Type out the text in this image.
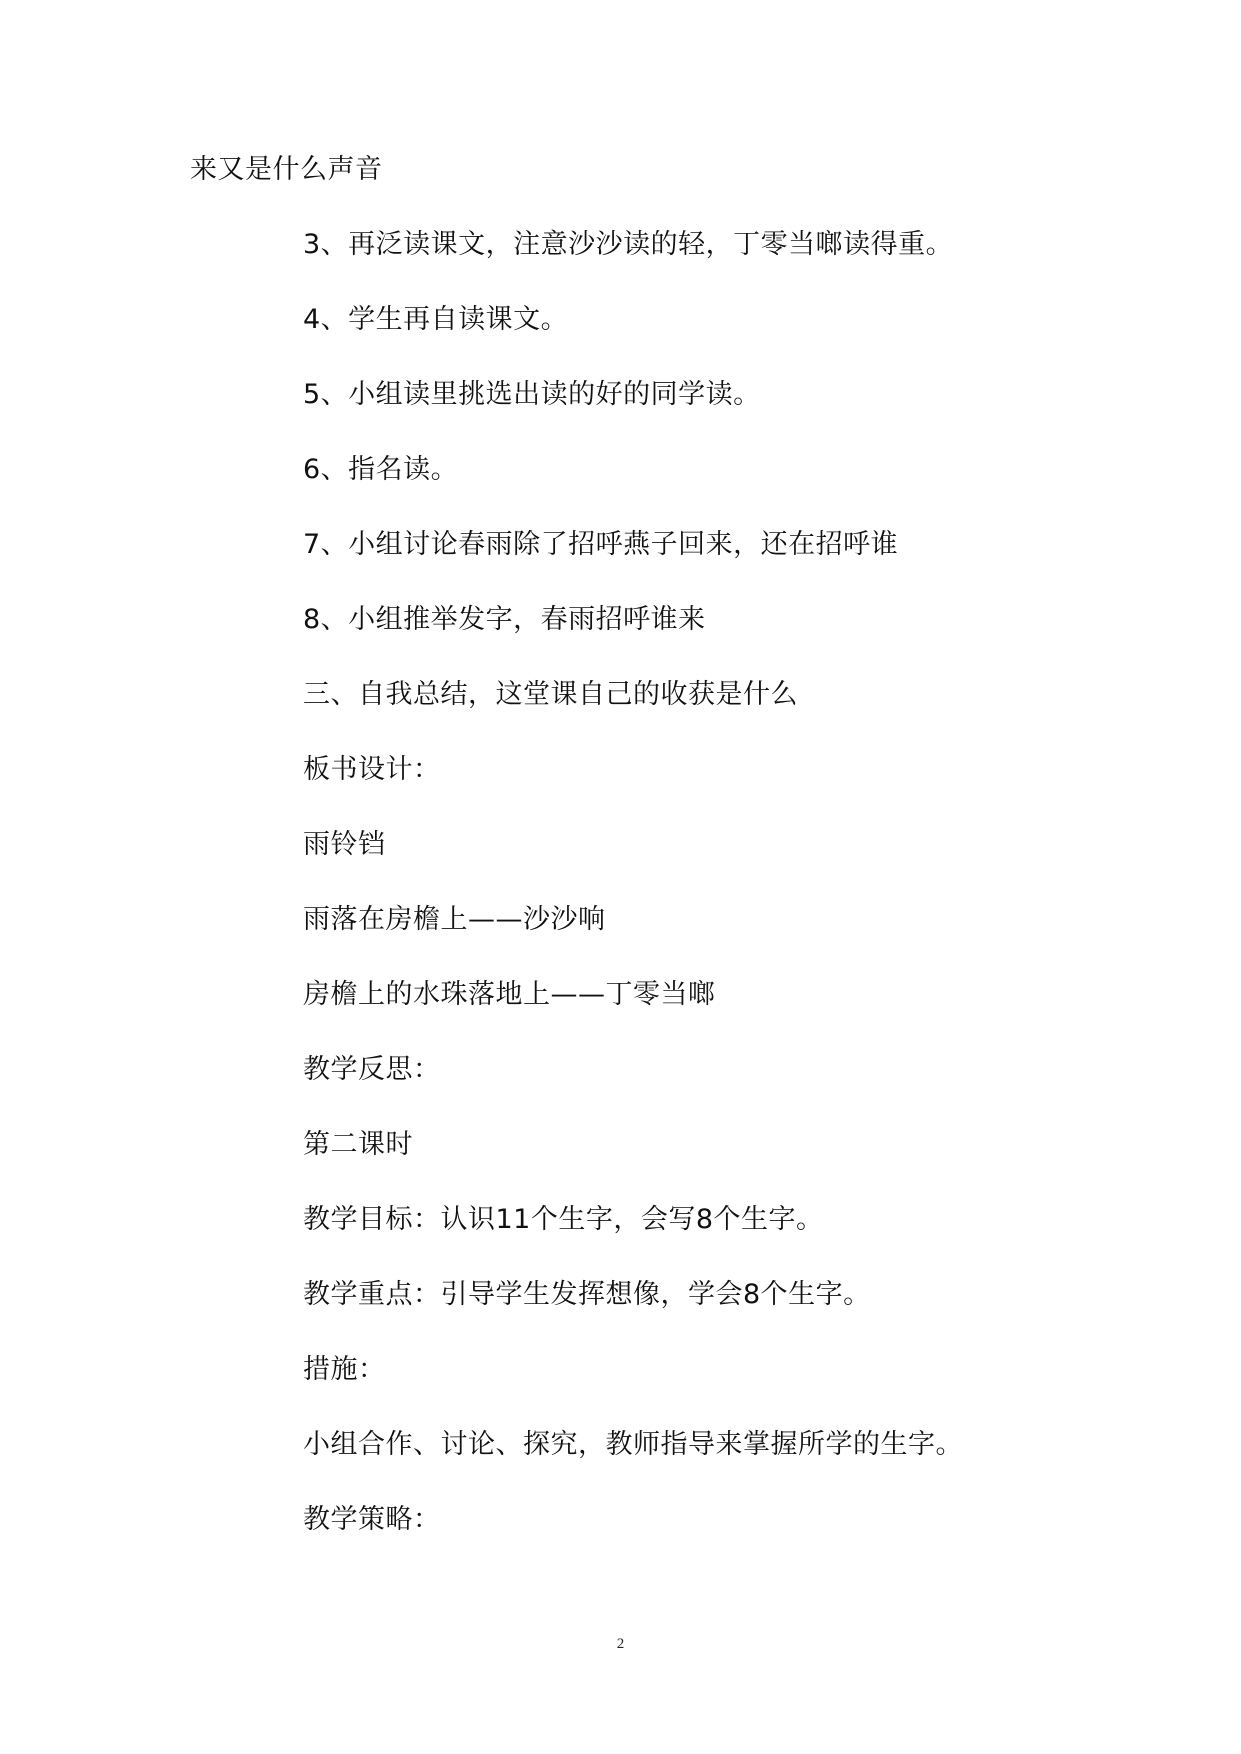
来又是什么声音
3、再泛读课文，注意沙沙读的轻，丁零当啷读得重。
4、学生再自读课文。
5、小组读里挑选出读的好的同学读。
6、指名读。
7、小组讨论春雨除了招呼燕子回来，还在招呼谁
8、小组推举发字，春雨招呼谁来
三、自我总结，这堂课自己的收获是什么
板书设计：
雨铃铛
雨落在房檐上——沙沙响
房檐上的水珠落地上——丁零当啷
教学反思：
第二课时
教学目标：认识11个生字，会写8个生字。
教学重点：引导学生发挥想像，学会8个生字。
措施：
小组合作、讨论、探究，教师指导来掌握所学的生字。
教学策略：
2
